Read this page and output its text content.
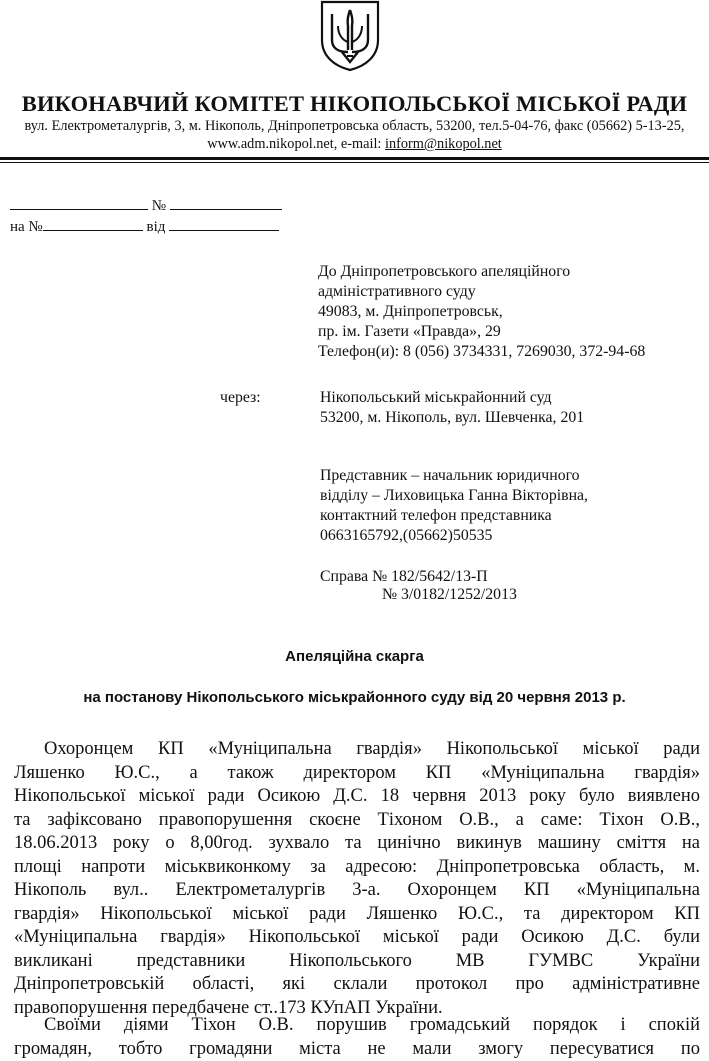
ВИКОНАВЧИЙ КОМІТЕТ НІКОПОЛЬСЬКОЇ МІСЬКОЇ РАДИ
вул. Електрометалургів, 3, м. Нікополь, Дніпропетровська область, 53200, тел.5-04-76, факс (05662) 5-13-25,
www.adm.nikopol.net, e-mail: inform@nikopol.net
№
на №	від
До Дніпропетровського апеляційного
адміністративного суду
49083, м. Дніпропетровськ,
пр. ім. Газети «Правда», 29
Телефон(и): 8 (056) 3734331, 7269030, 372-94-68
через:	Нікопольський міськрайонний суд
53200, м. Нікополь, вул. Шевченка, 201
Представник – начальник юридичного
відділу – Лиховицька Ганна Вікторівна,
контактний телефон представника
0663165792,(05662)50535
Справа № 182/5642/13-П
№ 3/0182/1252/2013
Апеляційна скарга
на постанову Нікопольського міськрайонного суду від 20 червня 2013 р.
Охоронцем КП «Муніципальна гвардія» Нікопольської міської ради
Ляшенко Ю.С., а також директором КП «Муніципальна гвардія»
Нікопольської міської ради Осикою Д.С. 18 червня 2013 року було виявлено
та зафіксовано правопорушення скоєне Тіхоном О.В., а саме: Тіхон О.В.,
18.06.2013 року о 8,00год. зухвало та цинічно викинув машину сміття на
площі напроти міськвиконкому за адресою: Дніпропетровська область, м.
Нікополь вул.. Електрометалургів 3-а. Охоронцем КП «Муніципальна
гвардія» Нікопольської міської ради Ляшенко Ю.С., та директором КП
«Муніципальна гвардія» Нікопольської міської ради Осикою Д.С. були
викликані представники Нікопольського МВ ГУМВС України
Дніпропетровській області, які склали протокол про адміністративне
правопорушення передбачене ст..173 КУпАП України.
Своїми діями Тіхон О.В. порушив громадський порядок і спокій
громадян, тобто громадяни міста не мали змогу пересуватися по
